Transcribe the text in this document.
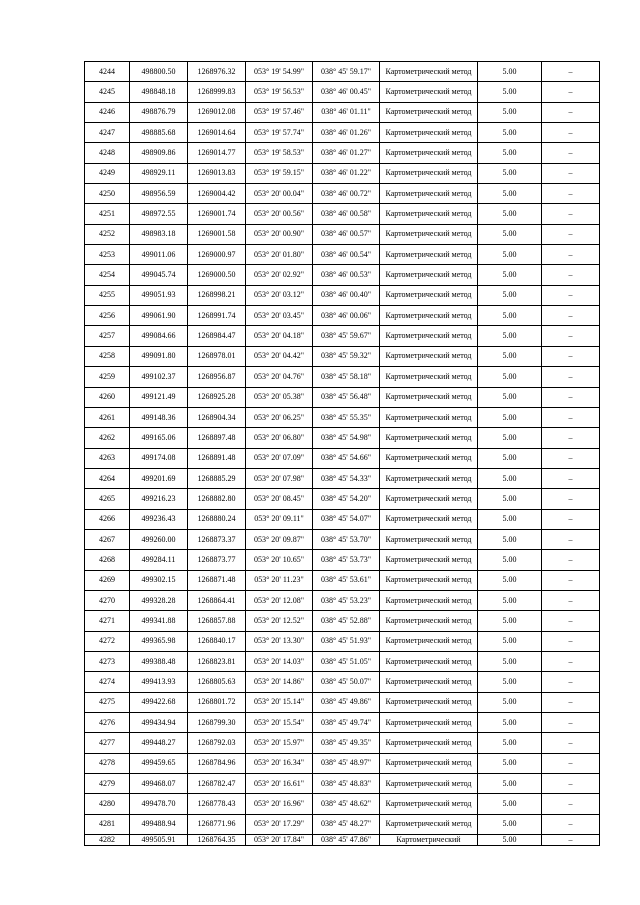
4244	498800.50	1268976.32	053° 19' 54.99"	038° 45' 59.17"	Картометрический метод	5.00	–
4245	498848.18	1268999.83	053° 19' 56.53"	038° 46' 00.45"	Картометрический метод	5.00	–
4246	498876.79	1269012.08	053° 19' 57.46"	038° 46' 01.11"	Картометрический метод	5.00	–
4247	498885.68	1269014.64	053° 19' 57.74"	038° 46' 01.26"	Картометрический метод	5.00	–
4248	498909.86	1269014.77	053° 19' 58.53"	038° 46' 01.27"	Картометрический метод	5.00	–
4249	498929.11	1269013.83	053° 19' 59.15"	038° 46' 01.22"	Картометрический метод	5.00	–
4250	498956.59	1269004.42	053° 20' 00.04"	038° 46' 00.72"	Картометрический метод	5.00	–
4251	498972.55	1269001.74	053° 20' 00.56"	038° 46' 00.58"	Картометрический метод	5.00	–
4252	498983.18	1269001.58	053° 20' 00.90"	038° 46' 00.57"	Картометрический метод	5.00	–
4253	499011.06	1269000.97	053° 20' 01.80"	038° 46' 00.54"	Картометрический метод	5.00	–
4254	499045.74	1269000.50	053° 20' 02.92"	038° 46' 00.53"	Картометрический метод	5.00	–
4255	499051.93	1268998.21	053° 20' 03.12"	038° 46' 00.40"	Картометрический метод	5.00	–
4256	499061.90	1268991.74	053° 20' 03.45"	038° 46' 00.06"	Картометрический метод	5.00	–
4257	499084.66	1268984.47	053° 20' 04.18"	038° 45' 59.67"	Картометрический метод	5.00	–
4258	499091.80	1268978.01	053° 20' 04.42"	038° 45' 59.32"	Картометрический метод	5.00	–
4259	499102.37	1268956.87	053° 20' 04.76"	038° 45' 58.18"	Картометрический метод	5.00	–
4260	499121.49	1268925.28	053° 20' 05.38"	038° 45' 56.48"	Картометрический метод	5.00	–
4261	499148.36	1268904.34	053° 20' 06.25"	038° 45' 55.35"	Картометрический метод	5.00	–
4262	499165.06	1268897.48	053° 20' 06.80"	038° 45' 54.98"	Картометрический метод	5.00	–
4263	499174.08	1268891.48	053° 20' 07.09"	038° 45' 54.66"	Картометрический метод	5.00	–
4264	499201.69	1268885.29	053° 20' 07.98"	038° 45' 54.33"	Картометрический метод	5.00	–
4265	499216.23	1268882.80	053° 20' 08.45"	038° 45' 54.20"	Картометрический метод	5.00	–
4266	499236.43	1268880.24	053° 20' 09.11"	038° 45' 54.07"	Картометрический метод	5.00	–
4267	499260.00	1268873.37	053° 20' 09.87"	038° 45' 53.70"	Картометрический метод	5.00	–
4268	499284.11	1268873.77	053° 20' 10.65"	038° 45' 53.73"	Картометрический метод	5.00	–
4269	499302.15	1268871.48	053° 20' 11.23"	038° 45' 53.61"	Картометрический метод	5.00	–
4270	499328.28	1268864.41	053° 20' 12.08"	038° 45' 53.23"	Картометрический метод	5.00	–
4271	499341.88	1268857.88	053° 20' 12.52"	038° 45' 52.88"	Картометрический метод	5.00	–
4272	499365.98	1268840.17	053° 20' 13.30"	038° 45' 51.93"	Картометрический метод	5.00	–
4273	499388.48	1268823.81	053° 20' 14.03"	038° 45' 51.05"	Картометрический метод	5.00	–
4274	499413.93	1268805.63	053° 20' 14.86"	038° 45' 50.07"	Картометрический метод	5.00	–
4275	499422.68	1268801.72	053° 20' 15.14"	038° 45' 49.86"	Картометрический метод	5.00	–
4276	499434.94	1268799.30	053° 20' 15.54"	038° 45' 49.74"	Картометрический метод	5.00	–
4277	499448.27	1268792.03	053° 20' 15.97"	038° 45' 49.35"	Картометрический метод	5.00	–
4278	499459.65	1268784.96	053° 20' 16.34"	038° 45' 48.97"	Картометрический метод	5.00	–
4279	499468.07	1268782.47	053° 20' 16.61"	038° 45' 48.83"	Картометрический метод	5.00	–
4280	499478.70	1268778.43	053° 20' 16.96"	038° 45' 48.62"	Картометрический метод	5.00	–
4281	499488.94	1268771.96	053° 20' 17.29"	038° 45' 48.27"	Картометрический метод	5.00	–
4282	499505.91	1268764.35	053° 20' 17.84"	038° 45' 47.86"	Картометрический	5.00	–
